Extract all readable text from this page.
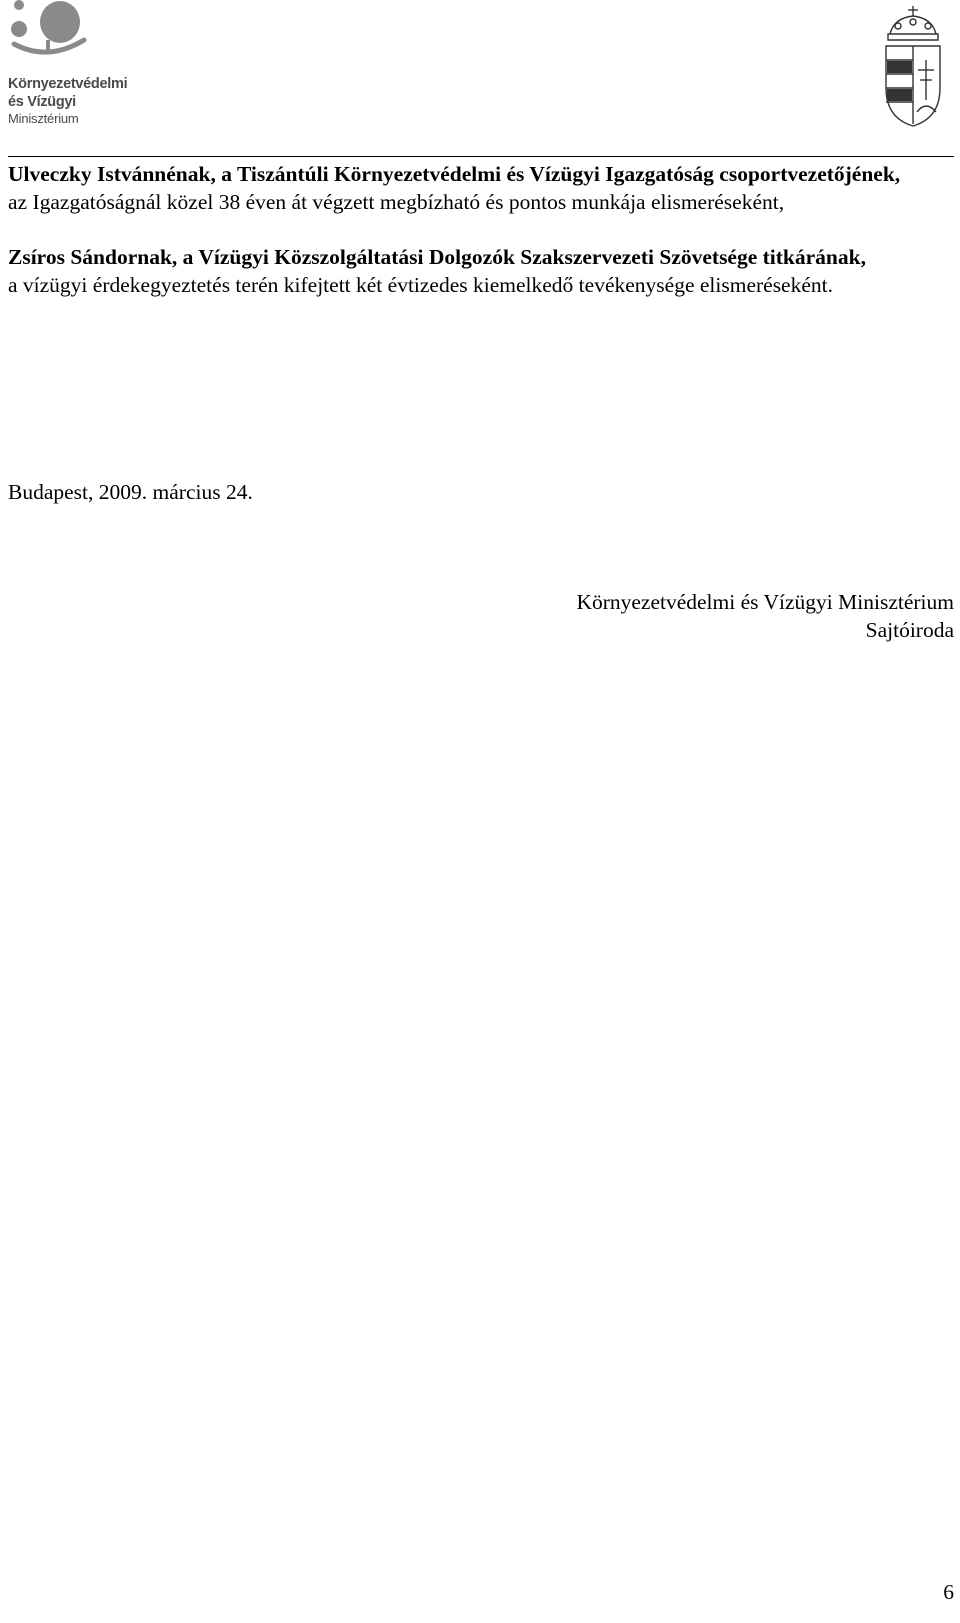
Környezetvédelmi
és Vízügyi
Minisztérium

Ulveczky Istvánnénak, a Tiszántúli Környezetvédelmi és Vízügyi Igazgatóság csoportvezetőjének,

az Igazgatóságnál közel 38 éven át végzett megbízható és pontos munkája elismeréseként,

Zsíros Sándornak, a Vízügyi Közszolgáltatási Dolgozók Szakszervezeti Szövetsége titkárának,

a vízügyi érdekegyeztetés terén kifejtett két évtizedes kiemelkedő tevékenysége elismeréseként.

Budapest, 2009. március 24.
Környezetvédelmi és Vízügyi Minisztérium
Sajtóiroda
6
